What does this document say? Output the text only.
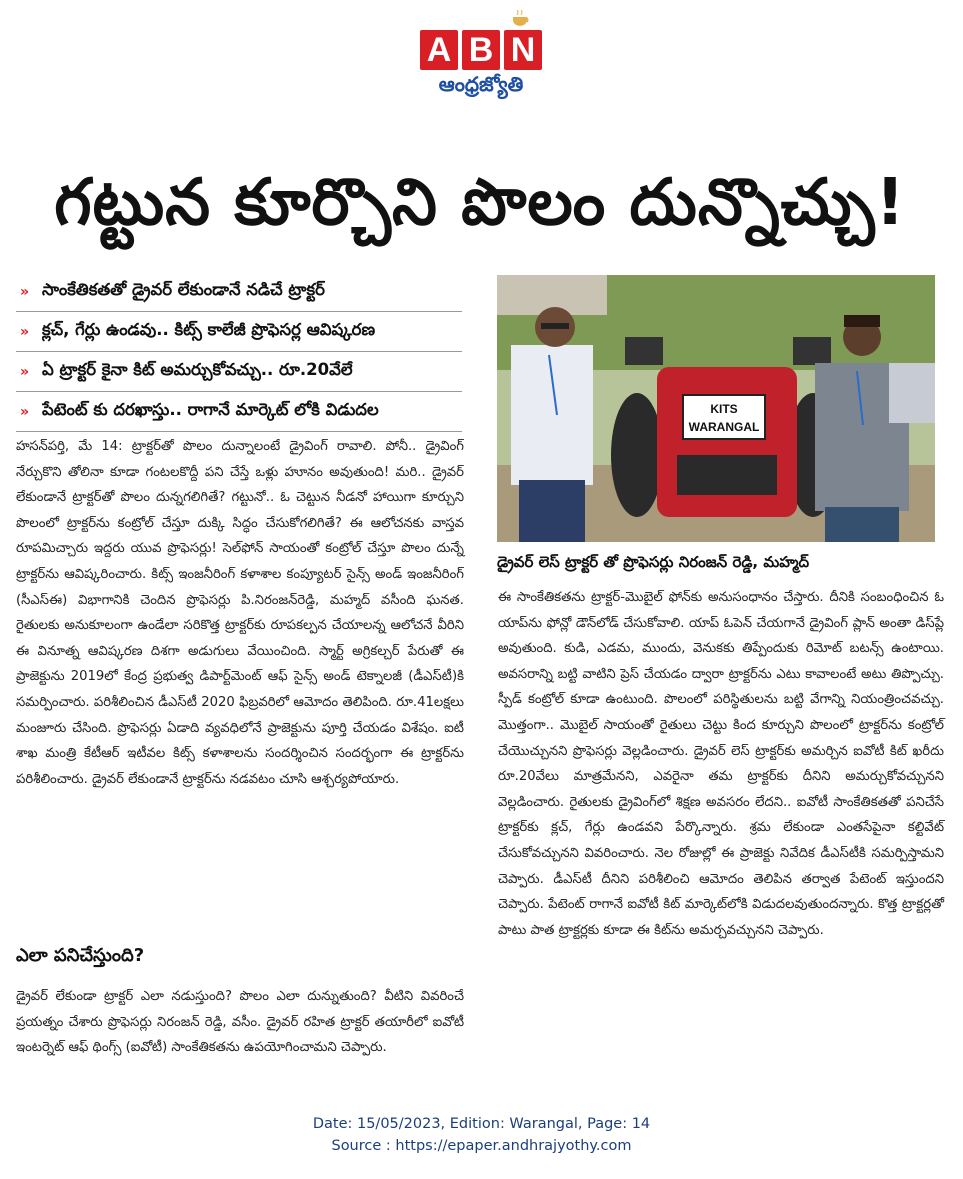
A B N
ఆంధ్రజ్యోతి
గట్టున కూర్చొని పొలం దున్నొచ్చు!
» సాంకేతికతతో డ్రైవర్ లేకుండానే నడిచే ట్రాక్టర్
» క్లచ్, గేర్లు ఉండవు.. కిట్స్ కాలేజీ ప్రొఫెసర్ల ఆవిష్కరణ
» ఏ ట్రాక్టర్ కైనా కిట్ అమర్చుకోవచ్చు.. రూ.20వేలే
» పేటెంట్ కు దరఖాస్తు.. రాగానే మార్కెట్ లోకి విడుదల	KITS
WARANGAL
డ్రైవర్ లెస్ ట్రాక్టర్ తో ప్రొఫెసర్లు నిరంజన్ రెడ్డి, మహ్మద్
హసన్‌పర్తి, మే 14: ట్రాక్టర్‌తో పొలం దున్నాలంటే డ్రైవింగ్ రావాలి. పోనీ.. డ్రైవింగ్ నేర్చుకొని తోలినా కూడా గంటలకొద్దీ పని చేస్తే ఒళ్లు హూనం అవుతుంది! మరి.. డ్రైవర్ లేకుండానే ట్రాక్టర్‌తో పొలం దున్నగలిగితే? గట్టునో.. ఓ చెట్టున నీడనో హాయిగా కూర్చుని పొలంలో ట్రాక్టర్‌ను కంట్రోల్ చేస్తూ దుక్కి సిద్ధం చేసుకోగలిగితే? ఈ ఆలోచనకు వాస్తవ రూపమిచ్చారు ఇద్దరు యువ ప్రొఫెసర్లు! సెల్‌ఫోన్ సాయంతో కంట్రోల్ చేస్తూ పొలం దున్నే ట్రాక్టర్‌ను ఆవిష్కరించారు. కిట్స్ ఇంజనీరింగ్ కళాశాల కంప్యూటర్ సైన్స్ అండ్ ఇంజనీరింగ్ (సీఎస్ఈ) విభాగానికి చెందిన ప్రొఫెసర్లు పి.నిరంజన్‌రెడ్డి, మహ్మద్ వసీంది ఘనత. రైతులకు అనుకూలంగా ఉండేలా సరికొత్త ట్రాక్టర్‌కు రూపకల్పన చేయాలన్న ఆలోచనే వీరిని ఈ వినూత్న ఆవిష్కరణ దిశగా అడుగులు వేయించింది. స్మార్ట్ అగ్రికల్చర్ పేరుతో ఈ ప్రాజెక్టును 2019లో కేంద్ర ప్రభుత్వ డిపార్ట్‌మెంట్ ఆఫ్ సైన్స్ అండ్ టెక్నాలజీ (డీఎస్‌టీ)కి సమర్పించారు. పరిశీలించిన డీఎస్‌టీ 2020 ఫిబ్రవరిలో ఆమోదం తెలిపింది. రూ.41లక్షలు మంజూరు చేసింది. ప్రొఫెసర్లు ఏడాది వ్యవధిలోనే ప్రాజెక్టును పూర్తి చేయడం విశేషం. ఐటీ శాఖ మంత్రి కేటీఆర్ ఇటీవల కిట్స్ కళాశాలను సందర్శించిన సందర్భంగా ఈ ట్రాక్టర్‌ను పరిశీలించారు. డ్రైవర్ లేకుండానే ట్రాక్టర్‌ను నడవటం చూసి ఆశ్చర్యపోయారు.
ఎలా పనిచేస్తుంది?
డ్రైవర్ లేకుండా ట్రాక్టర్ ఎలా నడుస్తుంది? పొలం ఎలా దున్నుతుంది? వీటిని వివరించే ప్రయత్నం చేశారు ప్రొఫెసర్లు నిరంజన్ రెడ్డి, వసీం. డ్రైవర్ రహిత ట్రాక్టర్ తయారీలో ఐవోటీ ఇంటర్నెట్ ఆఫ్ థింగ్స్ (ఐవోటీ) సాంకేతికతను ఉపయోగించామని చెప్పారు.
ఈ సాంకేతికతను ట్రాక్టర్-మొబైల్ ఫోన్‌కు అనుసంధానం చేస్తారు. దీనికి సంబంధించిన ఓ యాప్‌ను ఫోన్లో డౌన్‌లోడ్ చేసుకోవాలి. యాప్ ఓపెన్ చేయగానే డ్రైవింగ్ ప్లాన్ అంతా డిస్‌ప్లే అవుతుంది. కుడి, ఎడమ, ముందు, వెనుకకు తిప్పేందుకు రిమోట్ బటన్స్ ఉంటాయి. అవసరాన్ని బట్టి వాటిని ప్రెస్ చేయడం ద్వారా ట్రాక్టర్‌ను ఎటు కావాలంటే అటు తిప్పొచ్చు. స్పీడ్ కంట్రోల్ కూడా ఉంటుంది. పొలంలో పరిస్థితులను బట్టి వేగాన్ని నియంత్రించవచ్చు. మొత్తంగా.. మొబైల్ సాయంతో రైతులు చెట్టు కింద కూర్చుని పొలంలో ట్రాక్టర్‌ను కంట్రోల్ చేయొచ్చునని ప్రొఫెసర్లు వెల్లడించారు. డ్రైవర్ లెస్ ట్రాక్టర్‌కు అమర్చిన ఐవోటీ కిట్ ఖరీదు రూ.20వేలు మాత్రమేనని, ఎవరైనా తమ ట్రాక్టర్‌కు దీనిని అమర్చుకోవచ్చునని వెల్లడించారు. రైతులకు డ్రైవింగ్‌లో శిక్షణ అవసరం లేదని.. ఐవోటీ సాంకేతికతతో పనిచేసే ట్రాక్టర్‌కు క్లచ్, గేర్లు ఉండవని పేర్కొన్నారు. శ్రమ లేకుండా ఎంతసేపైనా కల్టివేట్ చేసుకోవచ్చునని వివరించారు. నెల రోజుల్లో ఈ ప్రాజెక్టు నివేదిక డీఎస్‌టీకి సమర్పిస్తామని చెప్పారు. డీఎస్‌టీ దీనిని పరిశీలించి ఆమోదం తెలిపిన తర్వాత పేటెంట్ ఇస్తుందని చెప్పారు. పేటెంట్ రాగానే ఐవోటీ కిట్ మార్కెట్‌లోకి విడుదలవుతుందన్నారు. కొత్త ట్రాక్టర్లతో పాటు పాత ట్రాక్టర్లకు కూడా ఈ కిట్‌ను అమర్చవచ్చునని చెప్పారు.
Date: 15/05/2023, Edition: Warangal, Page: 14
Source : https://epaper.andhrajyothy.com
